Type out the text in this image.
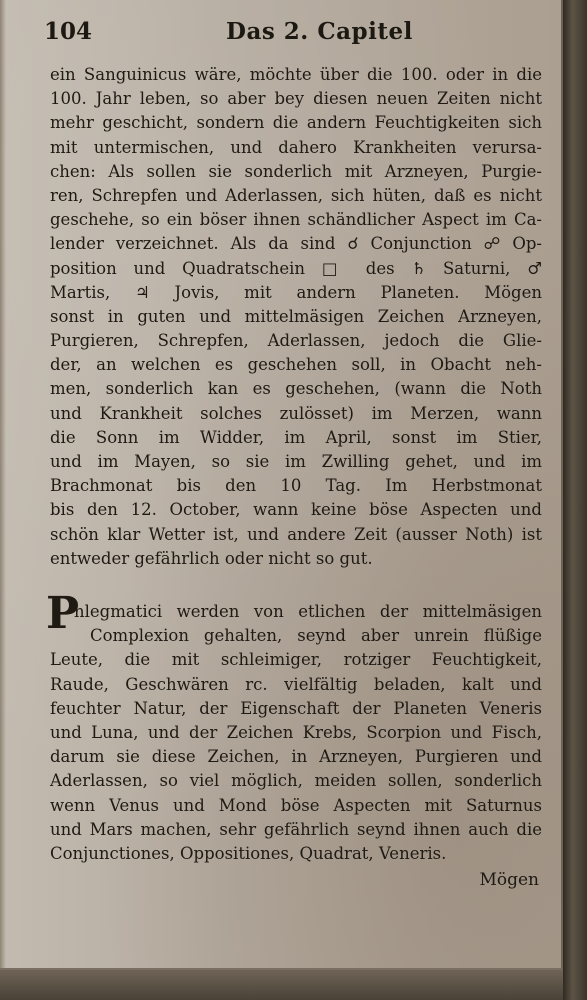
104	Das 2. Capitel
ein Sanguinicus wäre, möchte über die 100. oder in die
100. Jahr leben, so aber bey diesen neuen Zeiten nicht
mehr geschicht, sondern die andern Feuchtigkeiten sich
mit untermischen, und dahero Krankheiten verursa-
chen: Als sollen sie sonderlich mit Arzneyen, Purgie-
ren, Schrepfen und Aderlassen, sich hüten, daß es nicht
geschehe, so ein böser ihnen schändlicher Aspect im Ca-
lender verzeichnet. Als da sind ☌ Conjunction ☍ Op-
position und Quadratschein □ des ♄ Saturni, ♂
Martis, ♃ Jovis, mit andern Planeten. Mögen
sonst in guten und mittelmäsigen Zeichen Arzneyen,
Purgieren, Schrepfen, Aderlassen, jedoch die Glie-
der, an welchen es geschehen soll, in Obacht neh-
men, sonderlich kan es geschehen, (wann die Noth
und Krankheit solches zulösset) im Merzen, wann
die Sonn im Widder, im April, sonst im Stier,
und im Mayen, so sie im Zwilling gehet, und im
Brachmonat bis den 10 Tag. Im Herbstmonat
bis den 12. October, wann keine böse Aspecten und
schön klar Wetter ist, und andere Zeit (ausser Noth) ist
entweder gefährlich oder nicht so gut.
P
hlegmatici werden von etlichen der mittelmäsigen
Complexion gehalten, seynd aber unrein flüßige
Leute, die mit schleimiger, rotziger Feuchtigkeit,
Raude, Geschwären rc. vielfältig beladen, kalt und
feuchter Natur, der Eigenschaft der Planeten Veneris
und Luna, und der Zeichen Krebs, Scorpion und Fisch,
darum sie diese Zeichen, in Arzneyen, Purgieren und
Aderlassen, so viel möglich, meiden sollen, sonderlich
wenn Venus und Mond böse Aspecten mit Saturnus
und Mars machen, sehr gefährlich seynd ihnen auch die
Conjunctiones, Oppositiones, Quadrat, Veneris.
Mögen
